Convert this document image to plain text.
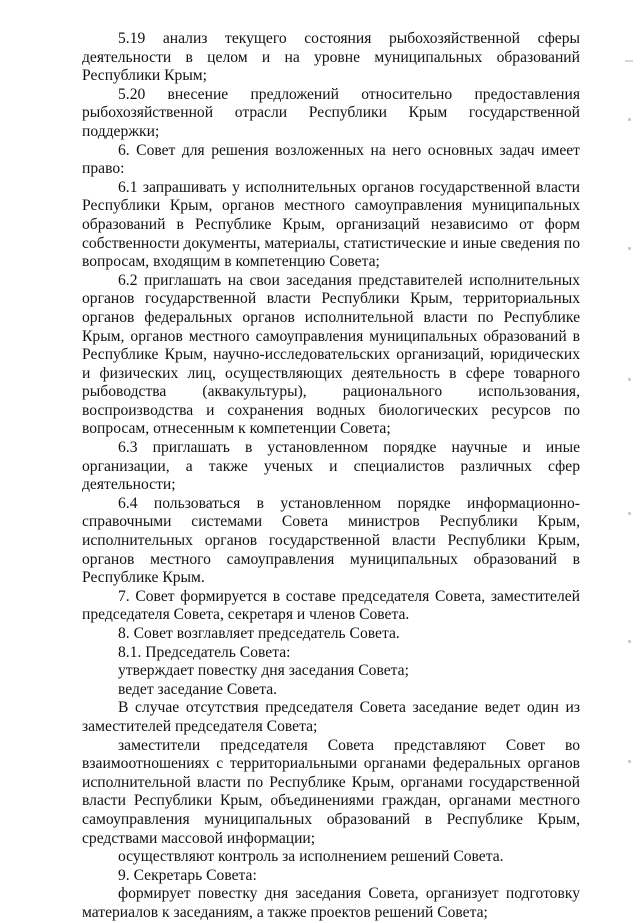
5.19 анализ текущего состояния рыбохозяйственной сферы деятельности в целом и на уровне муниципальных образований Республики Крым;

5.20 внесение предложений относительно предоставления рыбохозяйственной отрасли Республики Крым государственной поддержки;

6. Совет для решения возложенных на него основных задач имеет право:

6.1 запрашивать у исполнительных органов государственной власти Республики Крым, органов местного самоуправления муниципальных образований в Республике Крым, организаций независимо от форм собственности документы, материалы, статистические и иные сведения по вопросам, входящим в компетенцию Совета;

6.2 приглашать на свои заседания представителей исполнительных органов государственной власти Республики Крым, территориальных органов федеральных органов исполнительной власти по Республике Крым, органов местного самоуправления муниципальных образований в Республике Крым, научно-исследовательских организаций, юридических и физических лиц, осуществляющих деятельность в сфере товарного рыбоводства (аквакультуры), рационального использования, воспроизводства и сохранения водных биологических ресурсов по вопросам, отнесенным к компетенции Совета;

6.3 приглашать в установленном порядке научные и иные организации, а также ученых и специалистов различных сфер деятельности;

6.4 пользоваться в установленном порядке информационно-справочными системами Совета министров Республики Крым, исполнительных органов государственной власти Республики Крым, органов местного самоуправления муниципальных образований в Республике Крым.

7. Совет формируется в составе председателя Совета, заместителей председателя Совета, секретаря и членов Совета.

8. Совет возглавляет председатель Совета.

8.1. Председатель Совета:

утверждает повестку дня заседания Совета;

ведет заседание Совета.

В случае отсутствия председателя Совета заседание ведет один из заместителей председателя Совета;

заместители председателя Совета представляют Совет во взаимоотношениях с территориальными органами федеральных органов исполнительной власти по Республике Крым, органами государственной власти Республики Крым, объединениями граждан, органами местного самоуправления муниципальных образований в Республике Крым, средствами массовой информации;

осуществляют контроль за исполнением решений Совета.

9. Секретарь Совета:

формирует повестку дня заседания Совета, организует подготовку материалов к заседаниям, а также проектов решений Совета;
